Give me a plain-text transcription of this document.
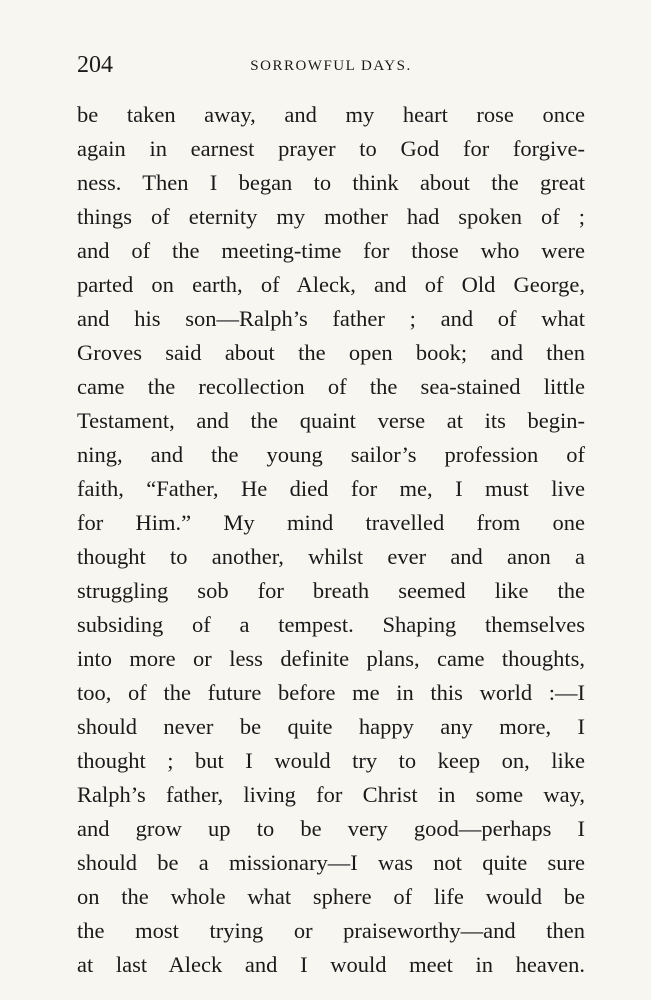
204	SORROWFUL DAYS.
be taken away, and my heart rose once
again in earnest prayer to God for forgive-
ness. Then I began to think about the great
things of eternity my mother had spoken of ;
and of the meeting-time for those who were
parted on earth, of Aleck, and of Old George,
and his son—Ralph’s father ; and of what
Groves said about the open book; and then
came the recollection of the sea-stained little
Testament, and the quaint verse at its begin-
ning, and the young sailor’s profession of
faith, “Father, He died for me, I must live
for Him.” My mind travelled from one
thought to another, whilst ever and anon a
struggling sob for breath seemed like the
subsiding of a tempest. Shaping themselves
into more or less definite plans, came thoughts,
too, of the future before me in this world :—I
should never be quite happy any more, I
thought ; but I would try to keep on, like
Ralph’s father, living for Christ in some way,
and grow up to be very good—perhaps I
should be a missionary—I was not quite sure
on the whole what sphere of life would be
the most trying or praiseworthy—and then
at last Aleck and I would meet in heaven.
